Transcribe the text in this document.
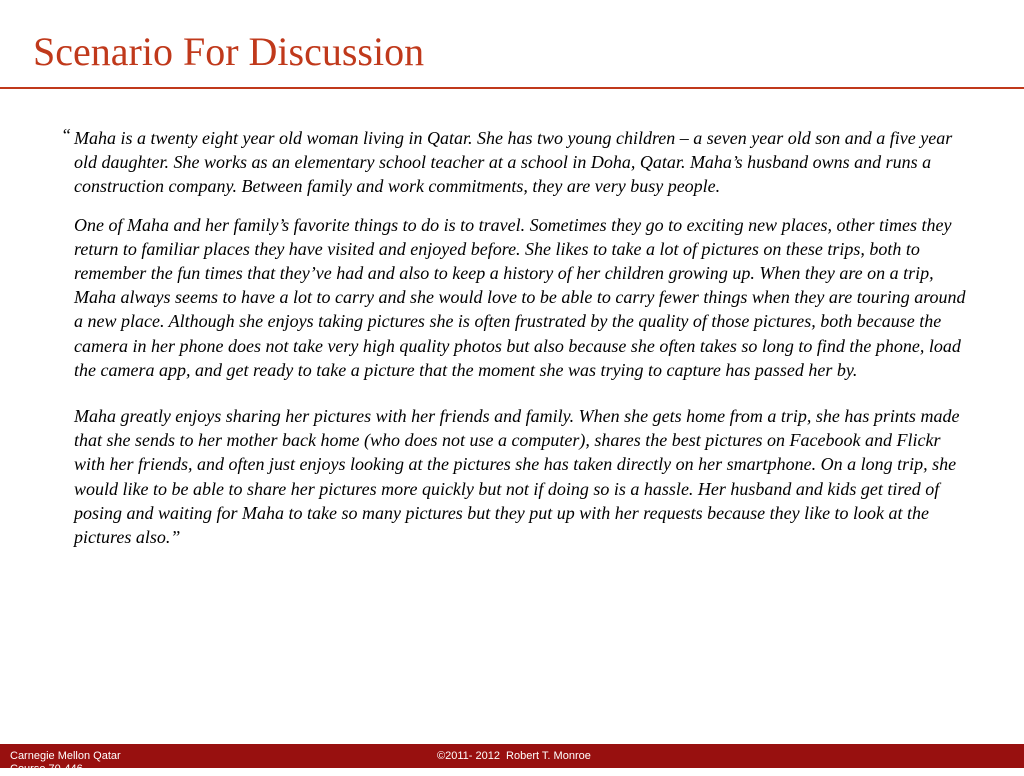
Scenario For Discussion

“ Maha is a twenty eight year old woman living in Qatar. She has two young children – a seven year old son and a five year old daughter. She works as an elementary school teacher at a school in Doha, Qatar. Maha’s husband owns and runs a construction company. Between family and work commitments, they are very busy people.

One of Maha and her family’s favorite things to do is to travel. Sometimes they go to exciting new places, other times they return to familiar places they have visited and enjoyed before. She likes to take a lot of pictures on these trips, both to remember the fun times that they’ve had and also to keep a history of her children growing up. When they are on a trip, Maha always seems to have a lot to carry and she would love to be able to carry fewer things when they are touring around a new place. Although she enjoys taking pictures she is often frustrated by the quality of those pictures, both because the camera in her phone does not take very high quality photos but also because she often takes so long to find the phone, load the camera app, and get ready to take a picture that the moment she was trying to capture has passed her by.

Maha greatly enjoys sharing her pictures with her friends and family. When she gets home from a trip, she has prints made that she sends to her mother back home (who does not use a computer), shares the best pictures on Facebook and Flickr with her friends, and often just enjoys looking at the pictures she has taken directly on her smartphone. On a long trip, she would like to be able to share her pictures more quickly but not if doing so is a hassle. Her husband and kids get tired of posing and waiting for Maha to take so many pictures but they put up with her requests because they like to look at the pictures also.”

Carnegie Mellon Qatar
Course 70-446
©2011- 2012  Robert T. Monroe
